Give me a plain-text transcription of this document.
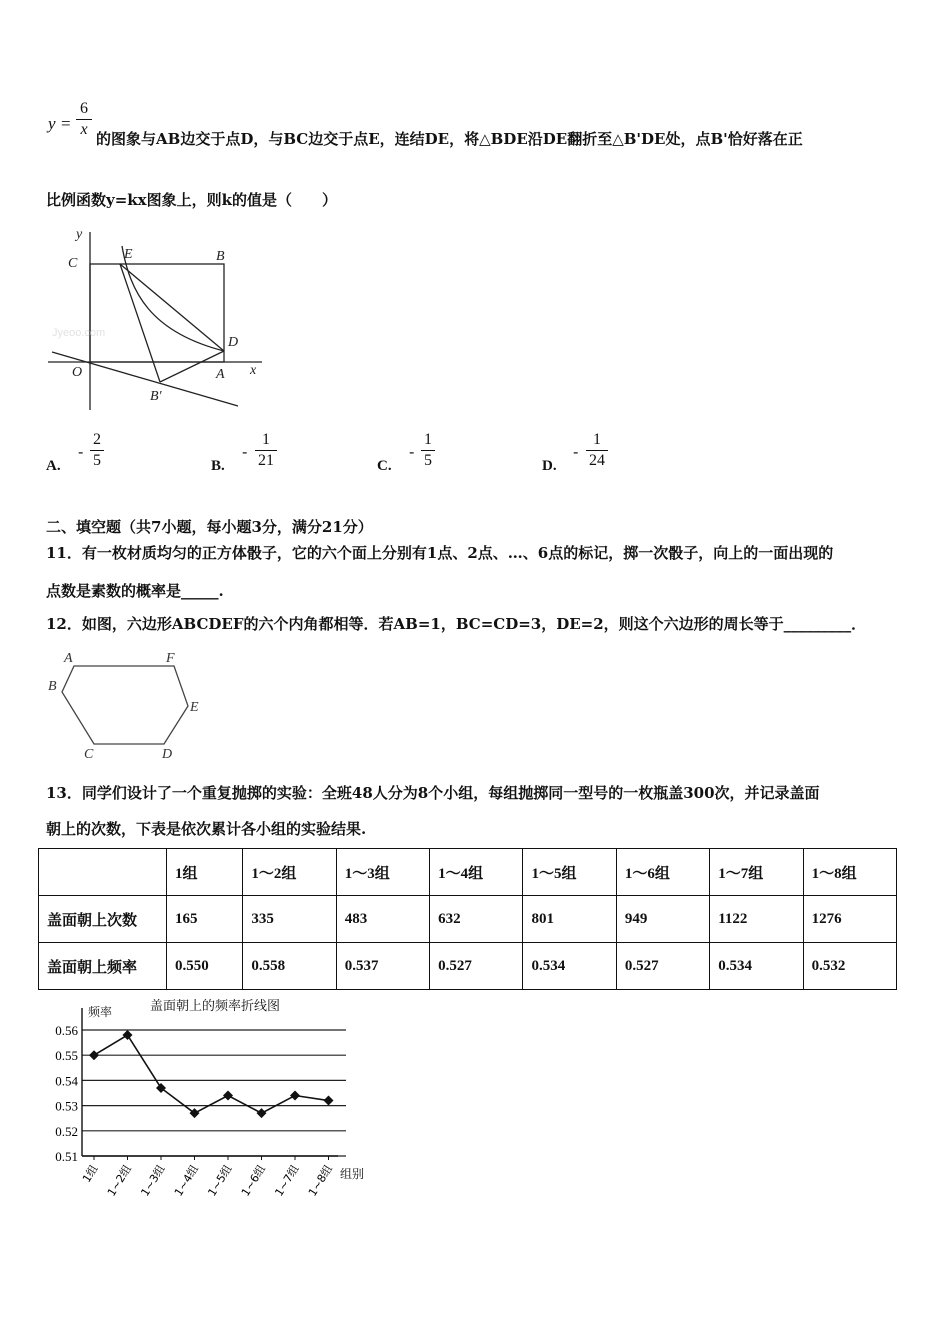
y =
6
x
的图象与AB边交于点D，与BC边交于点E，连结DE，将△BDE沿DE翻折至△B'DE处，点B'恰好落在正
比例函数y=kx图象上，则k的值是（　　）
y
x
C
E	B
D
O	A
B′
Jyeoo.com
A.
-
2
5	B.
-
1
21	C.
-
1
5	D.
-
1
24
二、填空题（共7小题，每小题3分，满分21分）
11．有一枚材质均匀的正方体骰子，它的六个面上分别有1点、2点、…、6点的标记，掷一次骰子，向上的一面出现的
点数是素数的概率是_____.
12．如图，六边形ABCDEF的六个内角都相等．若AB=1，BC=CD=3，DE=2，则这个六边形的周长等于_________．
A	F
B
E
C	D
13．同学们设计了一个重复抛掷的实验：全班48人分为8个小组，每组抛掷同一型号的一枚瓶盖300次，并记录盖面
朝上的次数，下表是依次累计各小组的实验结果.
	1组	1～2组	1～3组	1～4组	1～5组	1～6组	1～7组	1～8组
盖面朝上次数	165	335	483	632	801	949	1122	1276
盖面朝上频率	0.550	0.558	0.537	0.527	0.534	0.527	0.534	0.532
0.56
0.55
0.54
0.53
0.52
0.51
1组 1~2组 1~3组 1~4组 1~5组 1~6组 1~7组 1~8组
盖面朝上的频率折线图
频率
组别
